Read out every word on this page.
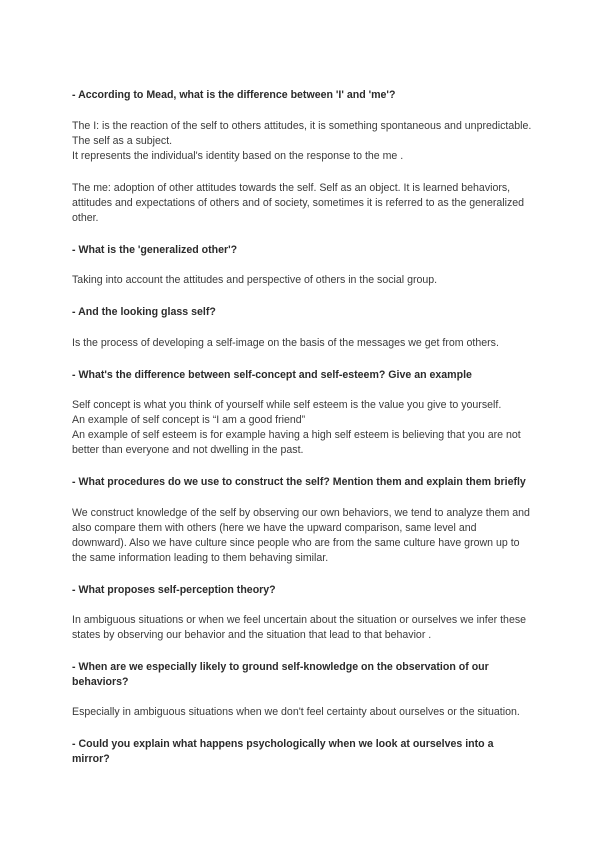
- According to Mead, what is the difference between 'I' and 'me'?

The I: is the reaction of the self to others attitudes, it is something spontaneous and unpredictable. The self as a subject.
It represents the individual's identity based on the response to the me .

The me: adoption of other attitudes towards the self. Self as an object. It is learned behaviors, attitudes and expectations of others and of society, sometimes it is referred to as the generalized other.

- What is the 'generalized other'?

Taking into account the attitudes and perspective of others in the social group.

- And the looking glass self?

Is the process of developing a self-image on the basis of the messages we get from others.

- What's the difference between self-concept and self-esteem? Give an example

Self concept is what you think of yourself while self esteem is the value you give to yourself.
An example of self concept is “I am a good friend”
An example of self esteem is for example having a high self esteem is believing that you are not better than everyone and not dwelling in the past.

- What procedures do we use to construct the self? Mention them and explain them briefly

We construct knowledge of the self by observing our own behaviors, we tend to analyze them and also compare them with others (here we have the upward comparison, same level and downward). Also we have culture since people who are from the same culture have grown up to the same information leading to them behaving similar.

- What proposes self-perception theory?

In ambiguous situations or when we feel uncertain about the situation or ourselves we infer these states by observing our behavior and the situation that lead to that behavior .

- When are we especially likely to ground self-knowledge on the observation of our behaviors?

Especially in ambiguous situations when we don't feel certainty about ourselves or the situation.

- Could you explain what happens psychologically when we look at ourselves into a mirror?
